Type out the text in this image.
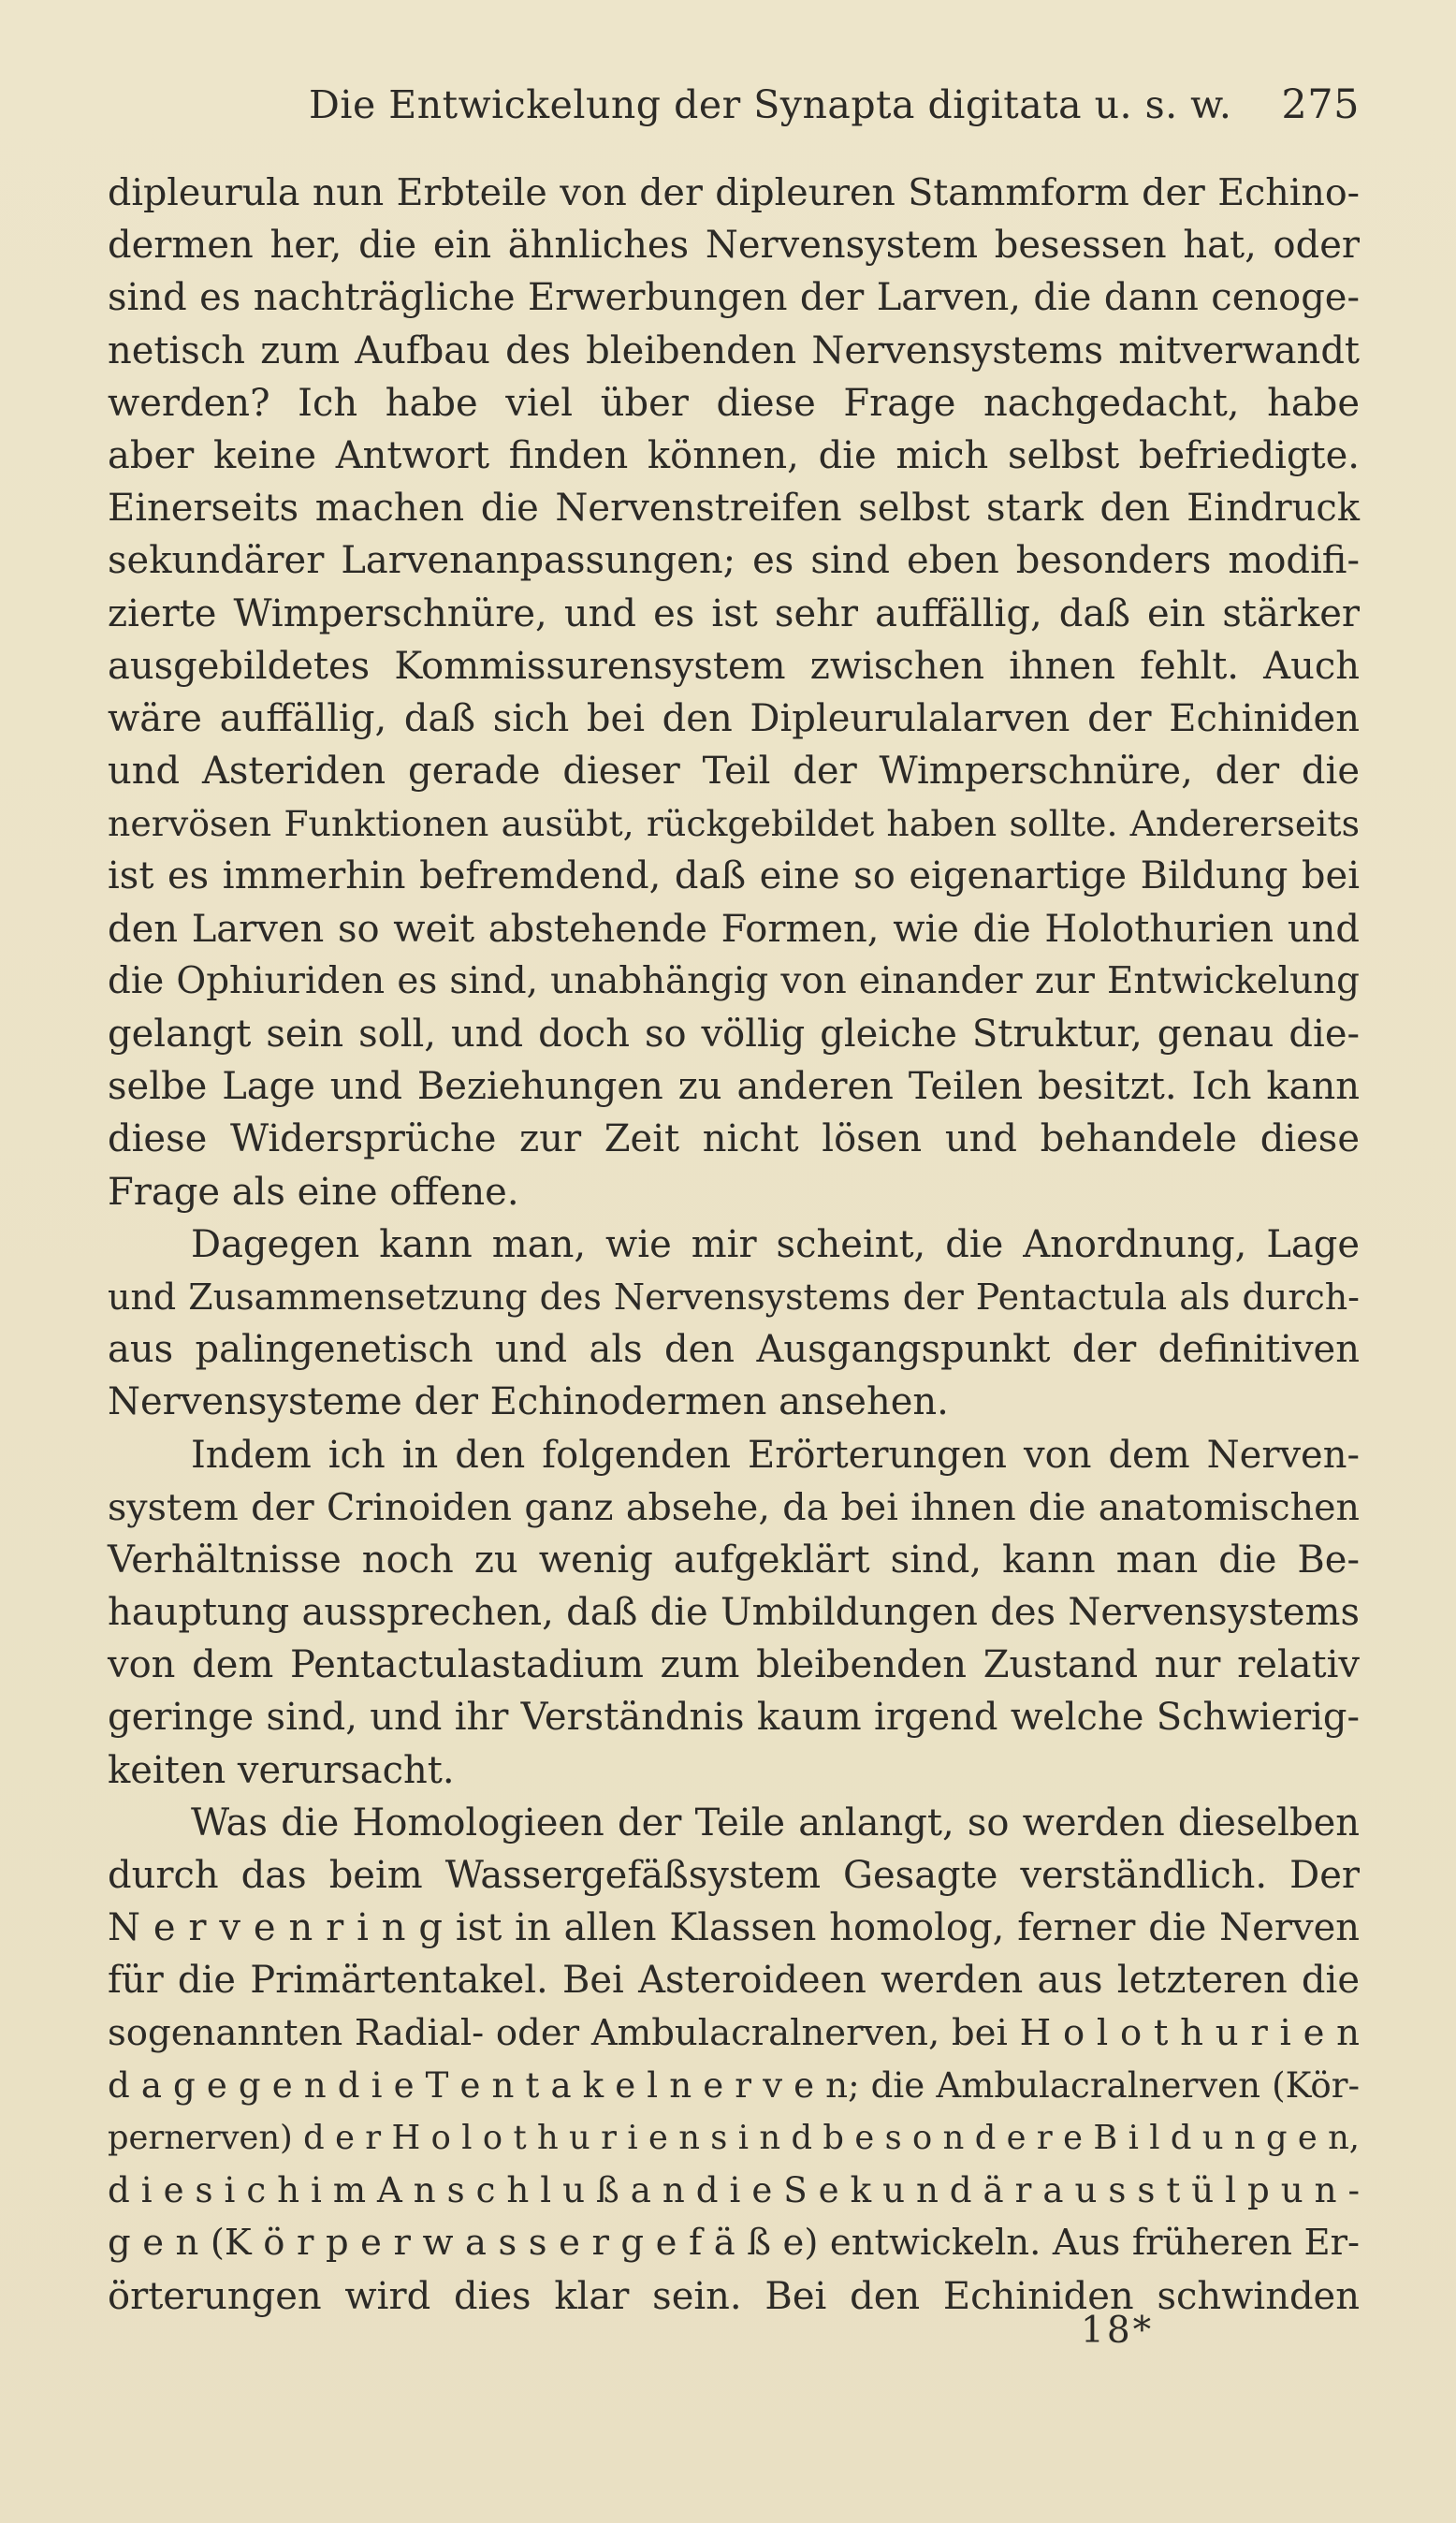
Die Entwickelung der Synapta digitata u. s. w. 275
dipleurula nun Erbteile von der dipleuren Stammform der Echino-
dermen her, die ein ähnliches Nervensystem besessen hat, oder
sind es nachträgliche Erwerbungen der Larven, die dann cenoge-
netisch zum Aufbau des bleibenden Nervensystems mitverwandt
werden? Ich habe viel über diese Frage nachgedacht, habe
aber keine Antwort finden können, die mich selbst befriedigte.
Einerseits machen die Nervenstreifen selbst stark den Eindruck
sekundärer Larvenanpassungen; es sind eben besonders modifi-
zierte Wimperschnüre, und es ist sehr auffällig, daß ein stärker
ausgebildetes Kommissurensystem zwischen ihnen fehlt. Auch
wäre auffällig, daß sich bei den Dipleurulalarven der Echiniden
und Asteriden gerade dieser Teil der Wimperschnüre, der die
nervösen Funktionen ausübt, rückgebildet haben sollte. Andererseits
ist es immerhin befremdend, daß eine so eigenartige Bildung bei
den Larven so weit abstehende Formen, wie die Holothurien und
die Ophiuriden es sind, unabhängig von einander zur Entwickelung
gelangt sein soll, und doch so völlig gleiche Struktur, genau die-
selbe Lage und Beziehungen zu anderen Teilen besitzt. Ich kann
diese Widersprüche zur Zeit nicht lösen und behandele diese
Frage als eine offene.
Dagegen kann man, wie mir scheint, die Anordnung, Lage
und Zusammensetzung des Nervensystems der Pentactula als durch-
aus palingenetisch und als den Ausgangspunkt der definitiven
Nervensysteme der Echinodermen ansehen.
Indem ich in den folgenden Erörterungen von dem Nerven-
system der Crinoiden ganz absehe, da bei ihnen die anatomischen
Verhältnisse noch zu wenig aufgeklärt sind, kann man die Be-
hauptung aussprechen, daß die Umbildungen des Nervensystems
von dem Pentactulastadium zum bleibenden Zustand nur relativ
geringe sind, und ihr Verständnis kaum irgend welche Schwierig-
keiten verursacht.
Was die Homologieen der Teile anlangt, so werden dieselben
durch das beim Wassergefäßsystem Gesagte verständlich. Der
N e r v e n r i n g ist in allen Klassen homolog, ferner die Nerven
für die Primärtentakel. Bei Asteroideen werden aus letzteren die
sogenannten Radial- oder Ambulacralnerven, bei H o l o t h u r i e n
d a g e g e n d i e T e n t a k e l n e r v e n; die Ambulacralnerven (Kör-
pernerven) d e r H o l o t h u r i e n s i n d b e s o n d e r e B i l d u n g e n,
d i e s i c h i m A n s c h l u ß a n d i e S e k u n d ä r a u s s t ü l p u n -
g e n (K ö r p e r w a s s e r g e f ä ß e) entwickeln. Aus früheren Er-
örterungen wird dies klar sein. Bei den Echiniden schwinden
18*
